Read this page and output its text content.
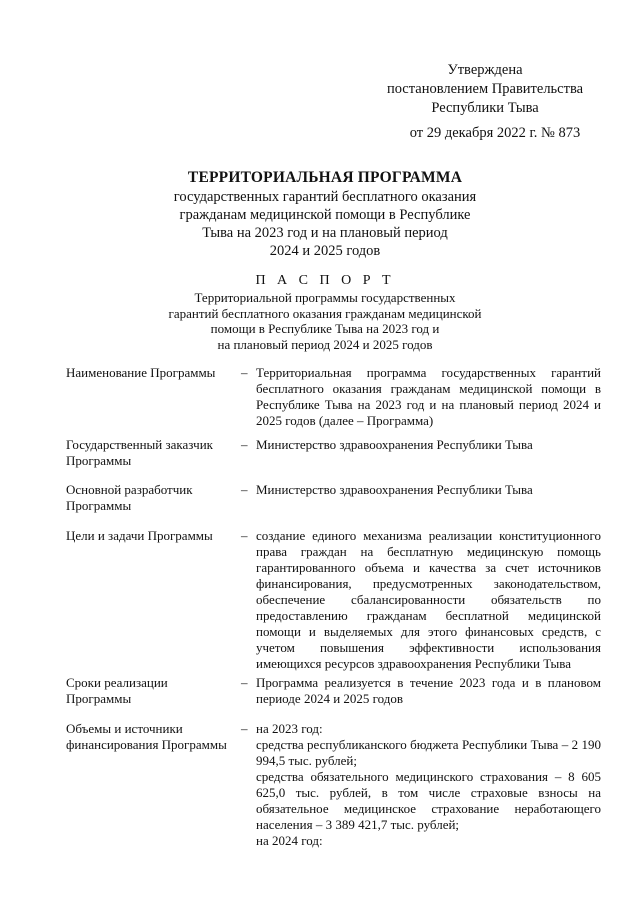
Утверждена
постановлением Правительства
Республики Тыва
от 29 декабря 2022 г. № 873
ТЕРРИТОРИАЛЬНАЯ ПРОГРАММА
государственных гарантий бесплатного оказания
гражданам медицинской помощи в Республике
Тыва на 2023 год и на плановый период
2024 и 2025 годов
П А С П О Р Т
Территориальной программы государственных
гарантий бесплатного оказания гражданам медицинской
помощи в Республике Тыва на 2023 год и
на плановый период 2024 и 2025 годов
Наименование Программы	– Территориальная программа государственных гарантий бесплатного оказания гражданам медицинской помощи в Республике Тыва на 2023 год и на плановый период 2024 и 2025 годов (далее – Программа)

Государственный заказчик Программы
– Министерство здравоохранения Республики Тыва

Основной разработчик Программы
– Министерство здравоохранения Республики Тыва

Цели и задачи Программы	– создание единого механизма реализации конституционного права граждан на бесплатную медицинскую помощь гарантированного объема и качества за счет источников финансирования, предусмотренных законодательством, обеспечение сбалансированности обязательств по предоставлению гражданам бесплатной медицинской помощи и выделяемых для этого финансовых средств, с учетом повышения эффективности использования имеющихся ресурсов здравоохранения Республики Тыва

Сроки реализации Программы
– Программа реализуется в течение 2023 года и в плановом периоде 2024 и 2025 годов

Объемы и источники финансирования Программы
– на 2023 год:

средства республиканского бюджета Республики Тыва – 2 190 994,5 тыс. рублей;

средства обязательного медицинского страхования – 8 605 625,0 тыс. рублей, в том числе страховые взносы на обязательное медицинское страхование неработающего населения – 3 389 421,7 тыс. рублей;

на 2024 год:
